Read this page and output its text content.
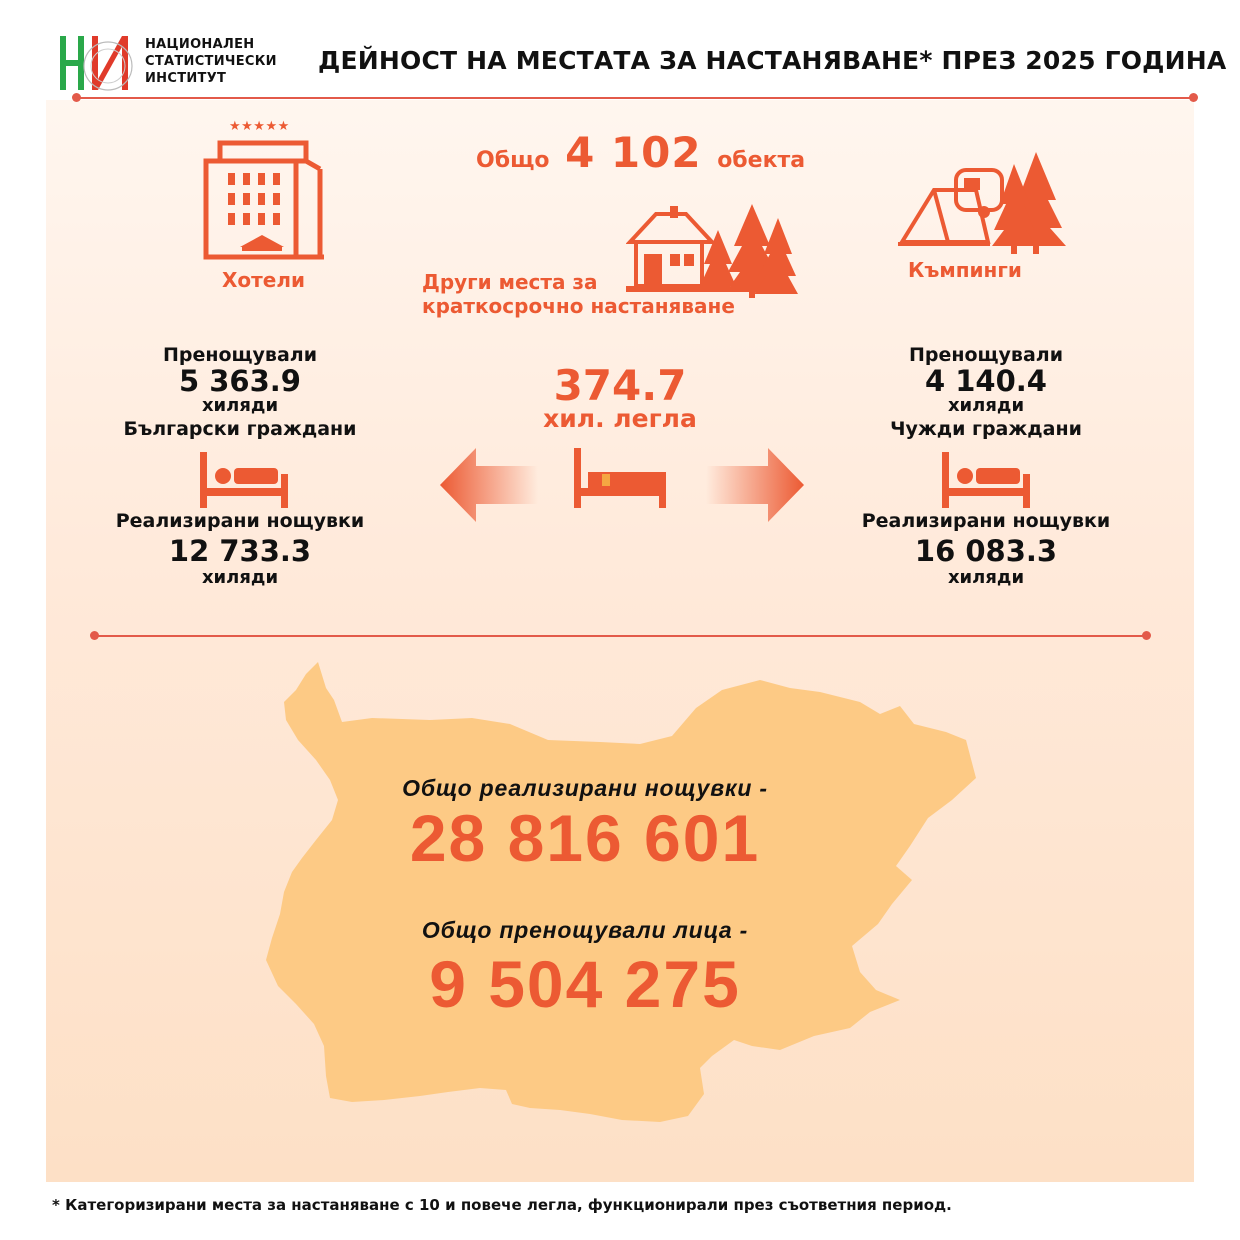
НАЦИОНАЛЕН
СТАТИСТИЧЕСКИ
ИНСТИТУТ
ДЕЙНОСТ НА МЕСТАТА ЗА НАСТАНЯВАНЕ* ПРЕЗ 2025 ГОДИНА
★★★★★
Хотели
Общо 4 102 обекта
Други места за
краткосрочно настаняване
Къмпинги
Пренощували
5 363.9
хиляди
Български граждани
Реализирани нощувки
12 733.3
хиляди
374.7
хил. легла
Пренощували
4 140.4
хиляди
Чужди граждани
Реализирани нощувки
16 083.3
хиляди
Общо реализирани нощувки -
28 816 601
Общо пренощували лица -
9 504 275
* Категоризирани места за настаняване с 10 и повече легла, функционирали през съответния период.
